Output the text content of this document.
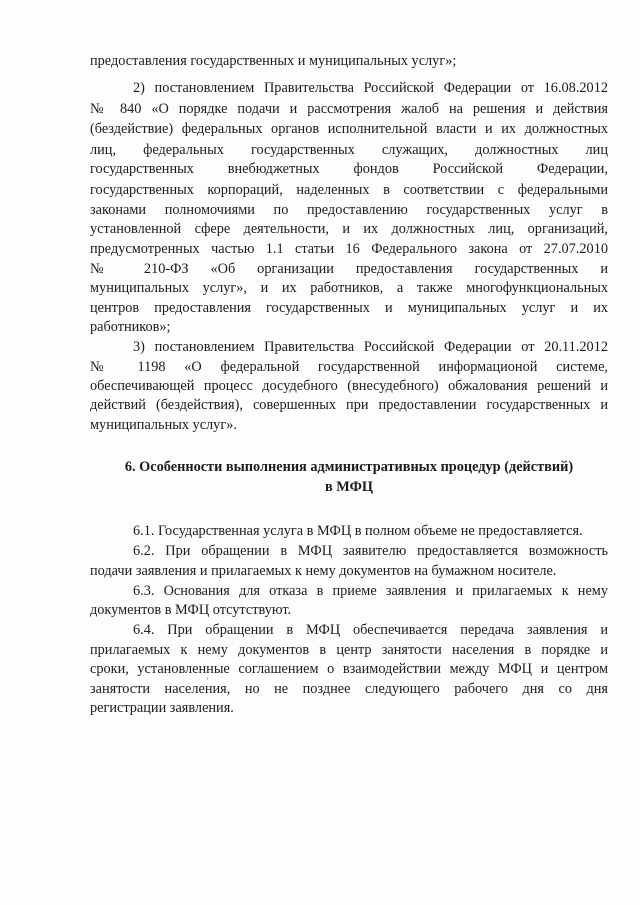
предоставления государственных и муниципальных услуг»;
2) постановлением Правительства Российской Федерации от 16.08.2012
№ 840 «О порядке подачи и рассмотрения жалоб на решения и действия
(бездействие) федеральных органов исполнительной власти и их должностных
лиц, федеральных государственных служащих, должностных лиц
государственных внебюджетных фондов Российской Федерации,
государственных корпораций, наделенных в соответствии с федеральными
законами полномочиями по предоставлению государственных услуг в
установленной сфере деятельности, и их должностных лиц, организаций,
предусмотренных частью 1.1 статьи 16 Федерального закона от 27.07.2010
№ 210-ФЗ «Об организации предоставления государственных и
муниципальных услуг», и их работников, а также многофункциональных
центров предоставления государственных и муниципальных услуг и их
работников»;
3) постановлением Правительства Российской Федерации от 20.11.2012
№ 1198 «О федеральной государственной информационой системе,
обеспечивающей процесс досудебного (внесудебного) обжалования решений и
действий (бездействия), совершенных при предоставлении государственных и
муниципальных услуг».
6. Особенности выполнения административных процедур (действий)
в МФЦ
6.1. Государственная услуга в МФЦ в полном объеме не предоставляется.
6.2. При обращении в МФЦ заявителю предоставляется возможность
подачи заявления и прилагаемых к нему документов на бумажном носителе.
6.3. Основания для отказа в приеме заявления и прилагаемых к нему
документов в МФЦ отсутствуют.
6.4. При обращении в МФЦ обеспечивается передача заявления и
прилагаемых к нему документов в центр занятости населения в порядке и
сроки, установленные соглашением о взаимодействии между МФЦ и центром
занятости населения, но не позднее следующего рабочего дня со дня
регистрации заявления.
